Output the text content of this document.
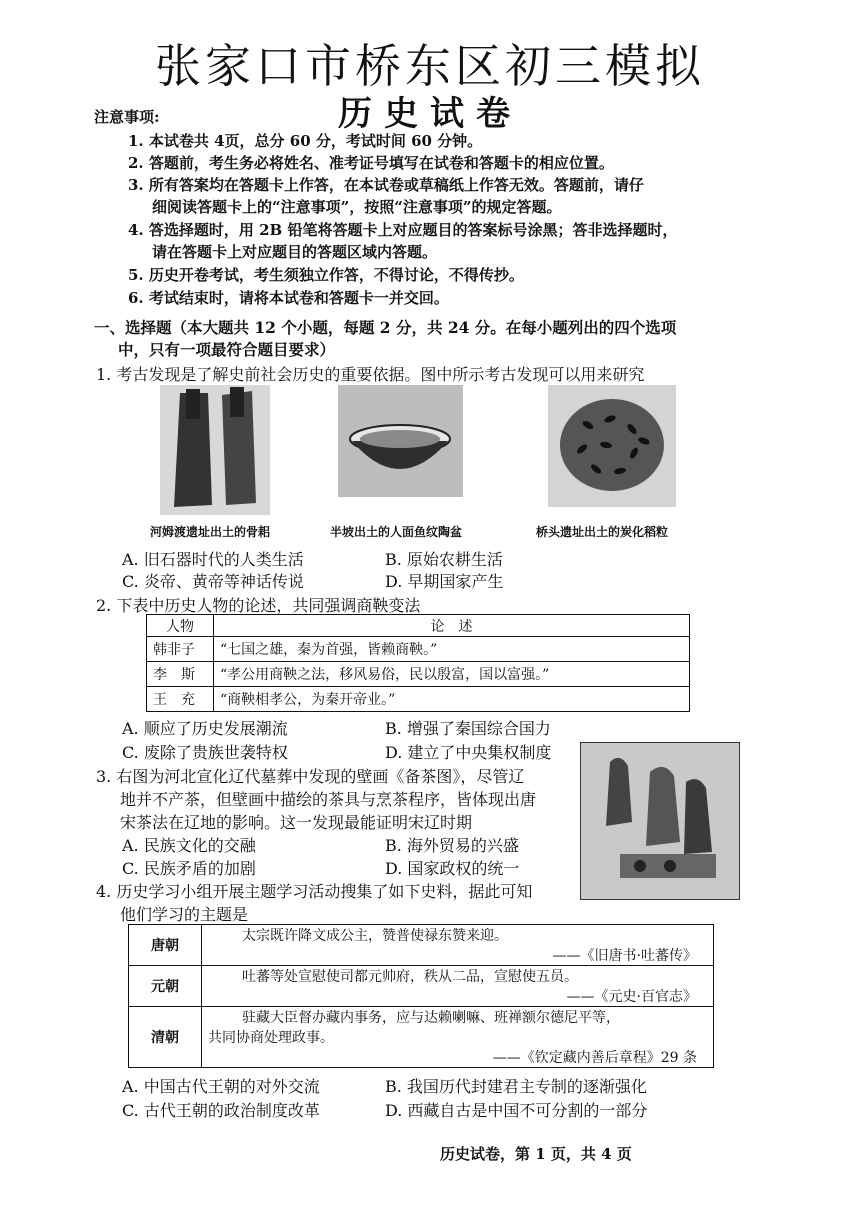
张家口市桥东区初三模拟
历史试卷
注意事项:
1. 本试卷共 4页，总分 60 分，考试时间 60 分钟。
2. 答题前，考生务必将姓名、准考证号填写在试卷和答题卡的相应位置。
3. 所有答案均在答题卡上作答，在本试卷或草稿纸上作答无效。答题前，请仔
细阅读答题卡上的“注意事项”，按照“注意事项”的规定答题。
4. 答选择题时，用 2B 铅笔将答题卡上对应题目的答案标号涂黑；答非选择题时，
请在答题卡上对应题目的答题区域内答题。
5. 历史开卷考试，考生须独立作答，不得讨论，不得传抄。
6. 考试结束时，请将本试卷和答题卡一并交回。
一、选择题（本大题共 12 个小题，每题 2 分，共 24 分。在每小题列出的四个选项
中，只有一项最符合题目要求）
1. 考古发现是了解史前社会历史的重要依据。图中所示考古发现可以用来研究
河姆渡遗址出土的骨耜	半坡出土的人面鱼纹陶盆	桥头遗址出土的炭化稻粒
A. 旧石器时代的人类生活	B. 原始农耕生活
C. 炎帝、黄帝等神话传说	D. 早期国家产生
2. 下表中历史人物的论述，共同强调商鞅变法
人物	论　述
韩非子	“七国之雄，秦为首强，皆赖商鞅。”
李　斯	“孝公用商鞅之法，移风易俗，民以殷富，国以富强。”
王　充	“商鞅相孝公，为秦开帝业。”
A. 顺应了历史发展潮流	B. 增强了秦国综合国力
C. 废除了贵族世袭特权	D. 建立了中央集权制度
3. 右图为河北宣化辽代墓葬中发现的壁画《备茶图》，尽管辽
地并不产茶，但壁画中描绘的茶具与烹茶程序，皆体现出唐
宋茶法在辽地的影响。这一发现最能证明宋辽时期
A. 民族文化的交融	B. 海外贸易的兴盛
C. 民族矛盾的加剧	D. 国家政权的统一
4. 历史学习小组开展主题学习活动搜集了如下史料，据此可知
他们学习的主题是
唐朝	太宗既许降文成公主，赞普使禄东赞来迎。
——《旧唐书·吐蕃传》

元朝	吐蕃等处宣慰使司都元帅府，秩从二品，宣慰使五员。
——《元史·百官志》

清朝	驻藏大臣督办藏内事务，应与达赖喇嘛、班禅额尔德尼平等，
共同协商处理政事。
——《钦定藏内善后章程》29 条
A. 中国古代王朝的对外交流	B. 我国历代封建君主专制的逐渐强化
C. 古代王朝的政治制度改革	D. 西藏自古是中国不可分割的一部分
历史试卷，第 1 页，共 4 页
